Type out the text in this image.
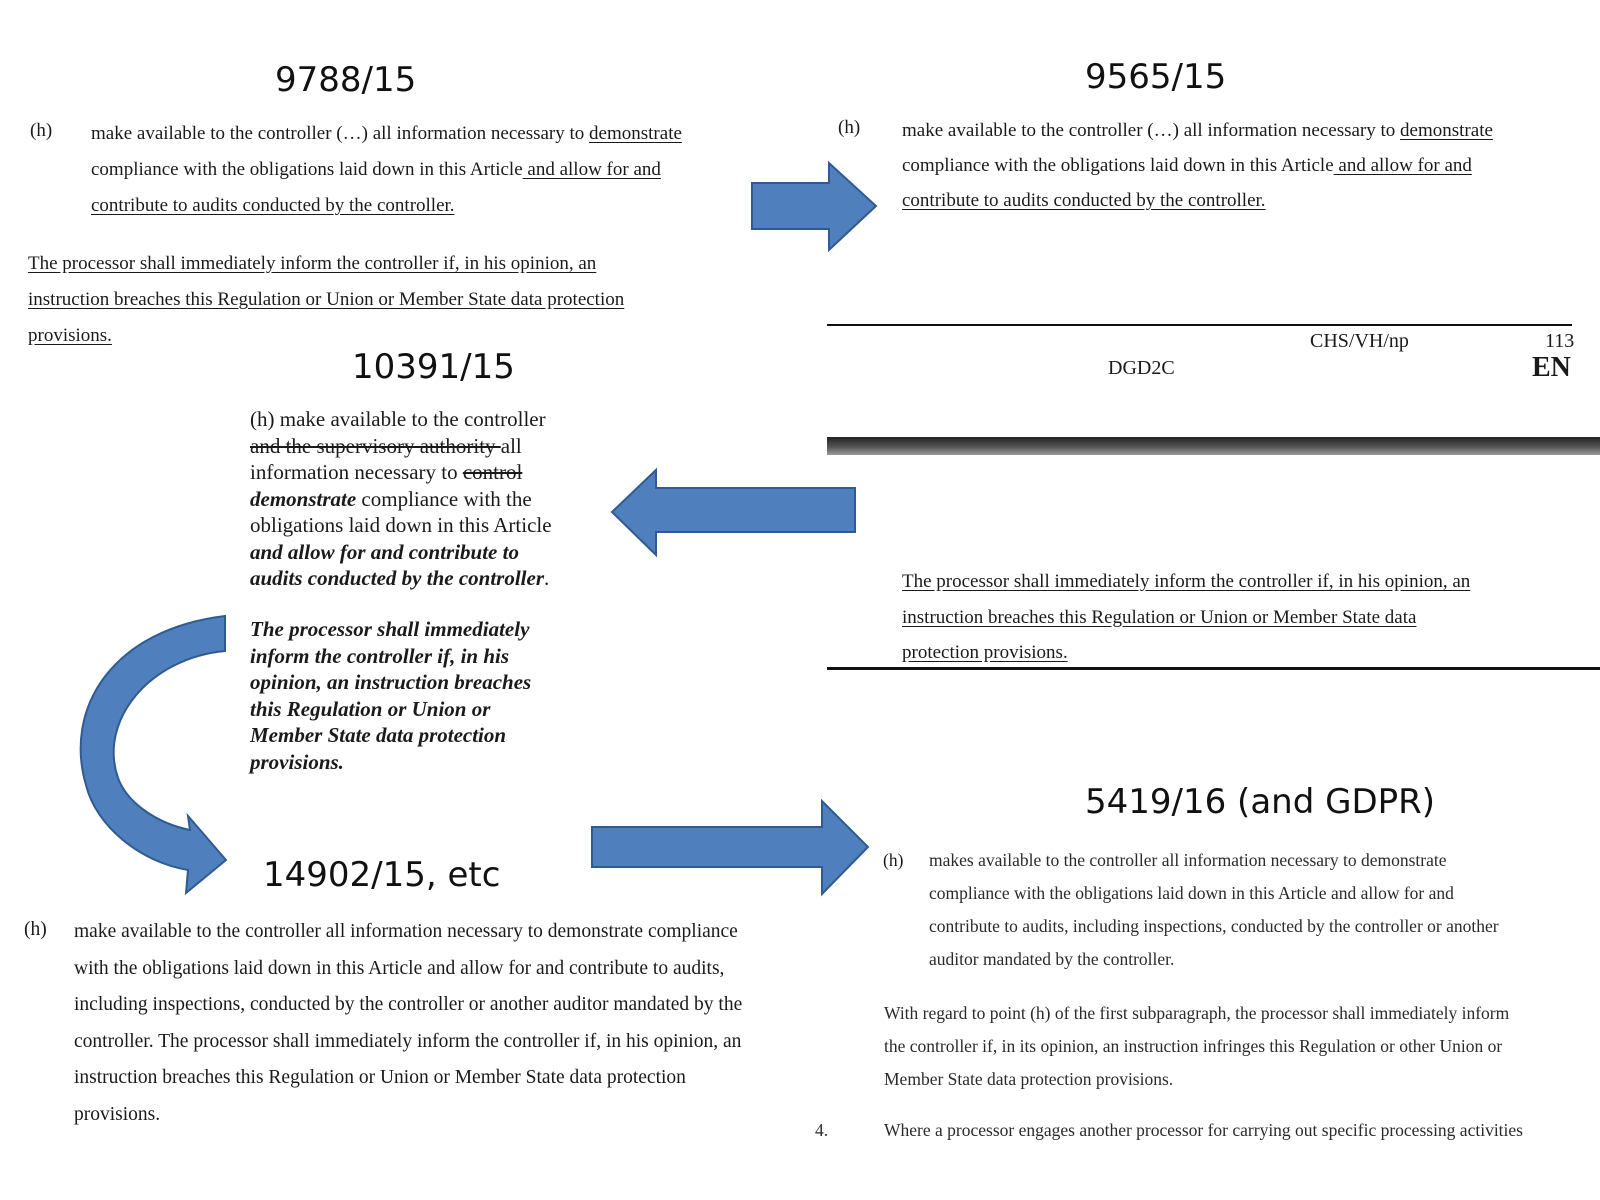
9788/15
(h) make available to the controller (…) all information necessary to demonstrate
compliance with the obligations laid down in this Article and allow for and
contribute to audits conducted by the controller.
The processor shall immediately inform the controller if, in his opinion, an
instruction breaches this Regulation or Union or Member State data protection
provisions.
9565/15
(h) make available to the controller (…) all information necessary to demonstrate
compliance with the obligations laid down in this Article and allow for and
contribute to audits conducted by the controller.
CHS/VH/np	113
DGD2C	EN
The processor shall immediately inform the controller if, in his opinion, an
instruction breaches this Regulation or Union or Member State data
protection provisions.
10391/15
(h) make available to the controller
and the supervisory authority all
information necessary to control
demonstrate compliance with the
obligations laid down in this Article
and allow for and contribute to
audits conducted by the controller.
The processor shall immediately
inform the controller if, in his
opinion, an instruction breaches
this Regulation or Union or
Member State data protection
provisions.
14902/15, etc
(h) make available to the controller all information necessary to demonstrate compliance
with the obligations laid down in this Article and allow for and contribute to audits,
including inspections, conducted by the controller or another auditor mandated by the
controller. The processor shall immediately inform the controller if, in his opinion, an
instruction breaches this Regulation or Union or Member State data protection
provisions.
5419/16 (and GDPR)
(h) makes available to the controller all information necessary to demonstrate
compliance with the obligations laid down in this Article and allow for and
contribute to audits, including inspections, conducted by the controller or another
auditor mandated by the controller.
With regard to point (h) of the first subparagraph, the processor shall immediately inform
the controller if, in its opinion, an instruction infringes this Regulation or other Union or
Member State data protection provisions.
4.	Where a processor engages another processor for carrying out specific processing activities
